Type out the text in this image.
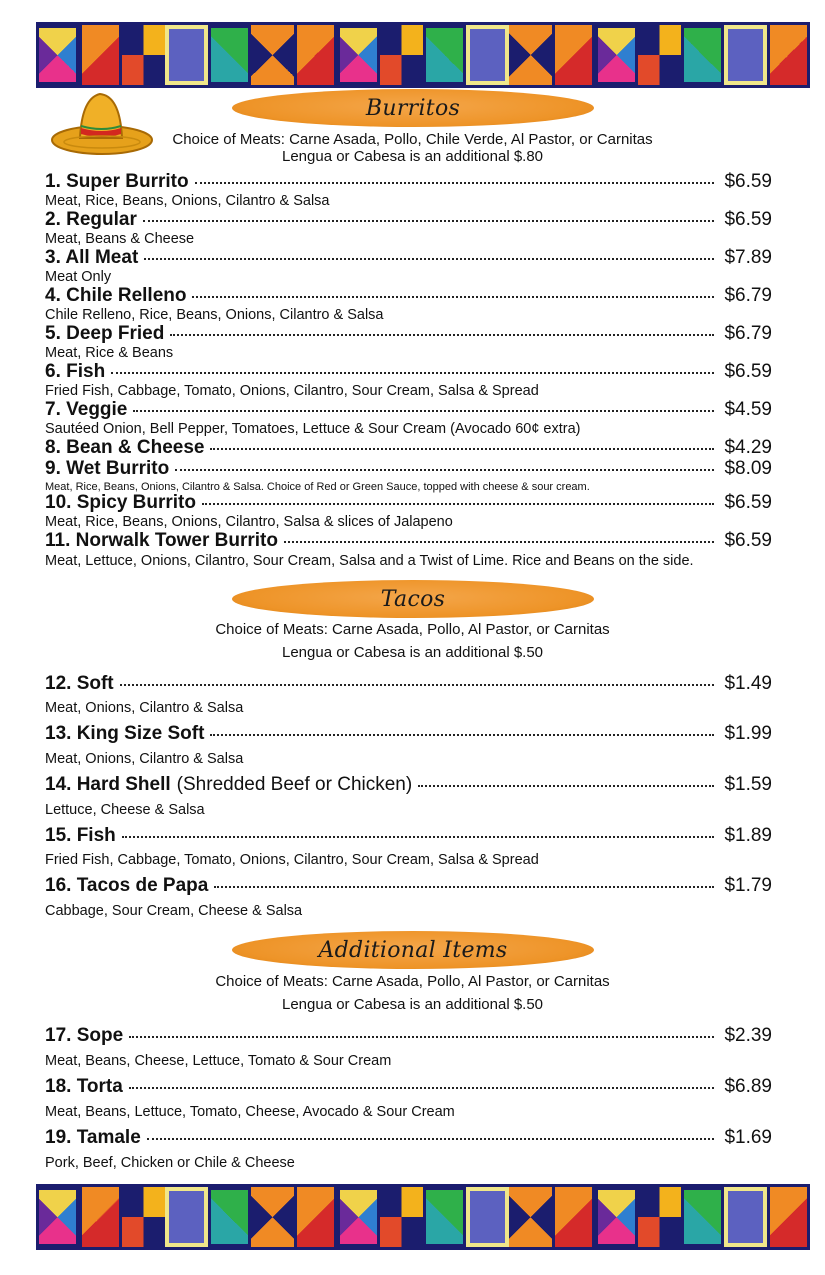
Burritos
Choice of Meats: Carne Asada, Pollo, Chile Verde, Al Pastor, or Carnitas
Lengua or Cabesa is an additional $.80
1. Super Burrito	$6.59
Meat, Rice, Beans, Onions, Cilantro & Salsa
2. Regular	$6.59
Meat, Beans & Cheese
3. All Meat	$7.89
Meat Only
4. Chile Relleno	$6.79
Chile Relleno, Rice, Beans, Onions, Cilantro & Salsa
5. Deep Fried	$6.79
Meat, Rice & Beans
6. Fish	$6.59
Fried Fish, Cabbage, Tomato, Onions, Cilantro, Sour Cream, Salsa & Spread
7. Veggie	$4.59
Sautéed Onion, Bell Pepper, Tomatoes, Lettuce & Sour Cream (Avocado 60¢ extra)
8. Bean & Cheese	$4.29
9. Wet Burrito	$8.09
Meat, Rice, Beans, Onions, Cilantro & Salsa. Choice of Red or Green Sauce, topped with cheese & sour cream.
10. Spicy Burrito	$6.59
Meat, Rice, Beans, Onions, Cilantro, Salsa & slices of Jalapeno
11. Norwalk Tower Burrito	$6.59
Meat, Lettuce, Onions, Cilantro, Sour Cream, Salsa and a Twist of Lime. Rice and Beans on the side.
Tacos
Choice of Meats: Carne Asada, Pollo, Al Pastor, or Carnitas
Lengua or Cabesa is an additional $.50
12. Soft	$1.49
Meat, Onions, Cilantro & Salsa
13. King Size Soft	$1.99
Meat, Onions, Cilantro & Salsa
14. Hard Shell (Shredded Beef or Chicken)	$1.59
Lettuce, Cheese & Salsa
15. Fish	$1.89
Fried Fish, Cabbage, Tomato, Onions, Cilantro, Sour Cream, Salsa & Spread
16. Tacos de Papa	$1.79
Cabbage, Sour Cream, Cheese & Salsa
Additional Items
Choice of Meats: Carne Asada, Pollo, Al Pastor, or Carnitas
Lengua or Cabesa is an additional $.50
17. Sope	$2.39
Meat, Beans, Cheese, Lettuce, Tomato & Sour Cream
18. Torta	$6.89
Meat, Beans, Lettuce, Tomato, Cheese, Avocado & Sour Cream
19. Tamale	$1.69
Pork, Beef, Chicken or Chile & Cheese
